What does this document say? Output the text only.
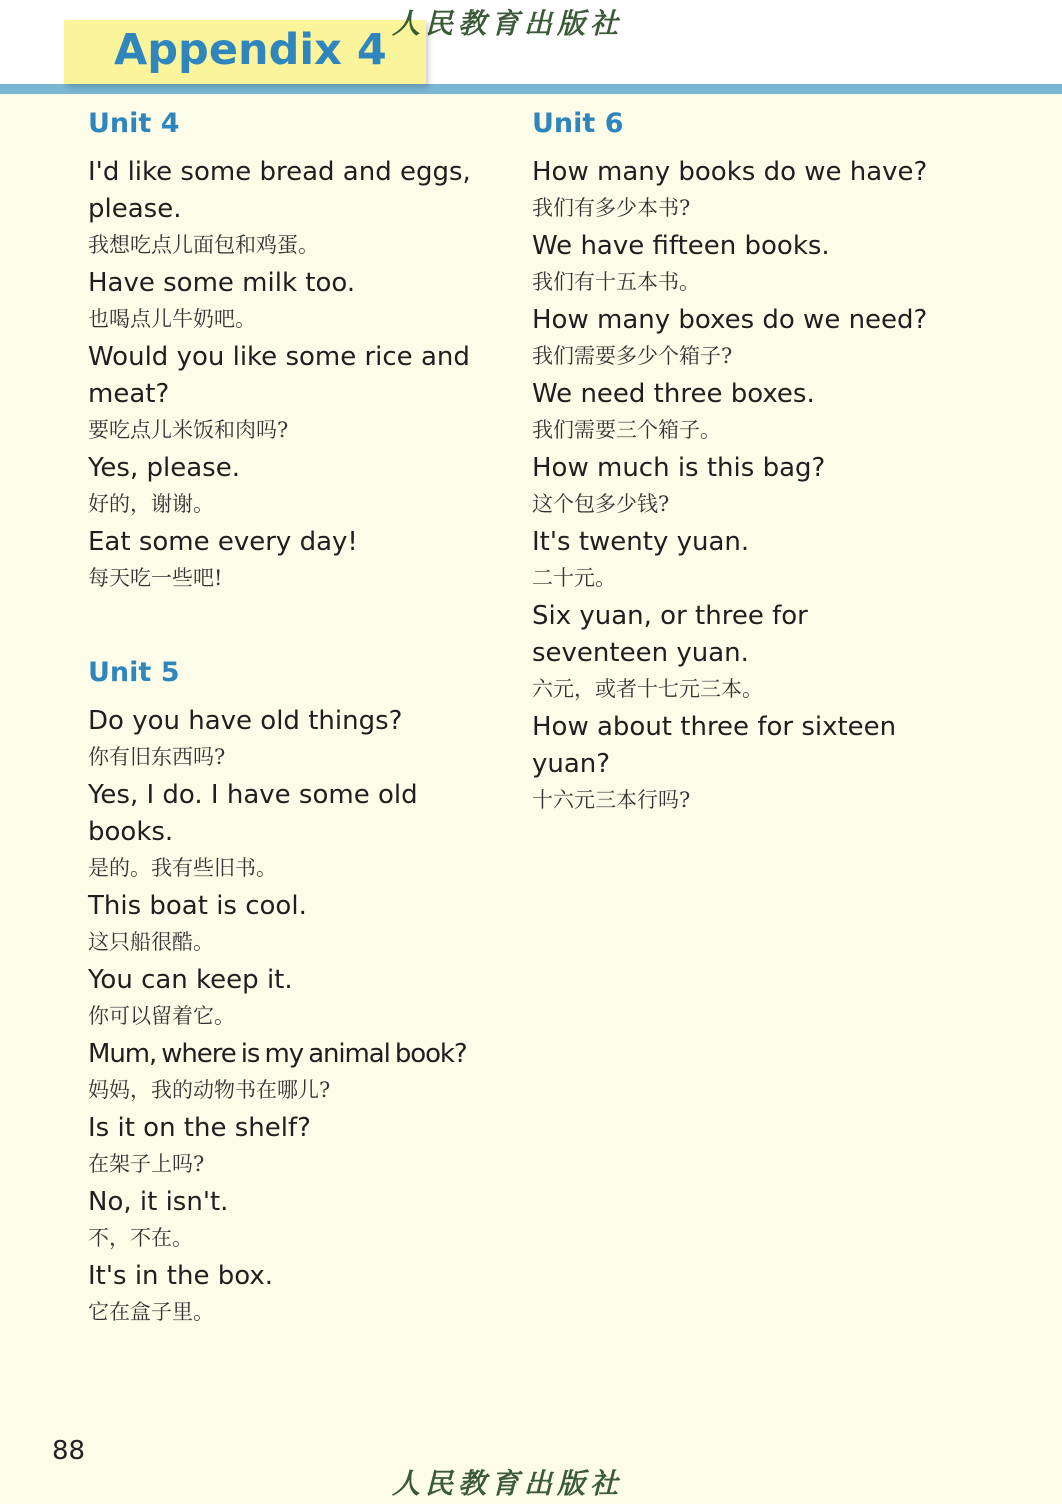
Appendix 4
人民教育出版社
Unit 4
I'd like some bread and eggs, please.
我想吃点儿面包和鸡蛋。
Have some milk too.
也喝点儿牛奶吧。
Would you like some rice and meat?
要吃点儿米饭和肉吗?
Yes, please.
好的，谢谢。
Eat some every day!
每天吃一些吧!
Unit 5
Do you have old things?
你有旧东西吗?
Yes, I do. I have some old books.
是的。我有些旧书。
This boat is cool.
这只船很酷。
You can keep it.
你可以留着它。
Mum, where is my animal book?
妈妈，我的动物书在哪儿?
Is it on the shelf?
在架子上吗?
No, it isn't.
不，不在。
It's in the box.
它在盒子里。
Unit 6
How many books do we have?
我们有多少本书?
We have fifteen books.
我们有十五本书。
How many boxes do we need?
我们需要多少个箱子?
We need three boxes.
我们需要三个箱子。
How much is this bag?
这个包多少钱?
It's twenty yuan.
二十元。
Six yuan, or three for seventeen yuan.
六元，或者十七元三本。
How about three for sixteen yuan?
十六元三本行吗?
88
人民教育出版社
